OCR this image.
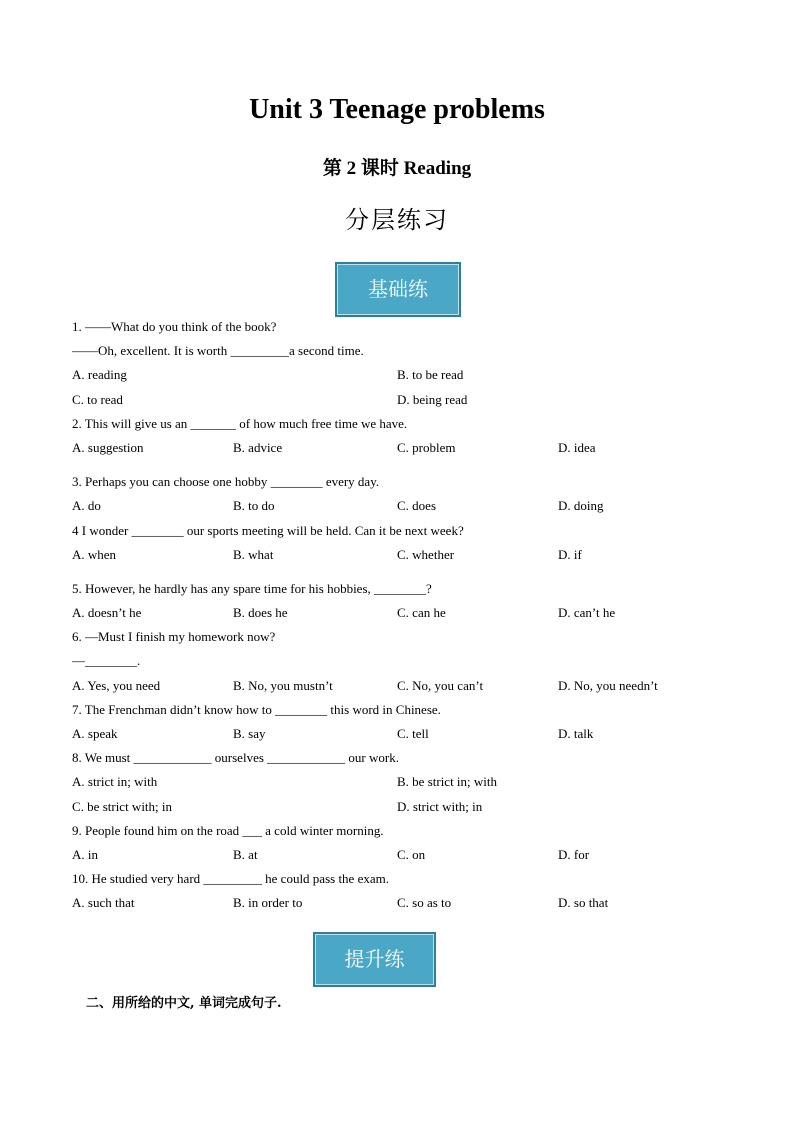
Unit 3 Teenage problems
第 2 课时 Reading
分层练习
基础练
1. ——What do you think of the book?
——Oh, excellent. It is worth _________a second time.
A. reading	B. to be read
C. to read	D. being read
2. This will give us an _______ of how much free time we have.
A. suggestion	B. advice	C. problem	D. idea
3. Perhaps you can choose one hobby ________ every day.
A. do	B. to do	C. does	D. doing
4 I wonder ________ our sports meeting will be held. Can it be next week?
A. when	B. what	C. whether	D. if
5. However, he hardly has any spare time for his hobbies, ________?
A. doesn’t he	B. does he	C. can he	D. can’t he
6. —Must I finish my homework now?
—________.
A. Yes, you need	B. No, you mustn’t	C. No, you can’t	D. No, you needn’t
7. The Frenchman didn’t know how to ________ this word in Chinese.
A. speak	B. say	C. tell	D. talk
8. We must ____________ ourselves ____________ our work.
A. strict in; with	B. be strict in; with
C. be strict with; in	D. strict with; in
9. People found him on the road ___ a cold winter morning.
A. in	B. at	C. on	D. for
10. He studied very hard _________ he could pass the exam.
A. such that	B. in order to	C. so as to	D. so that
提升练
二、用所给的中文, 单词完成句子.
